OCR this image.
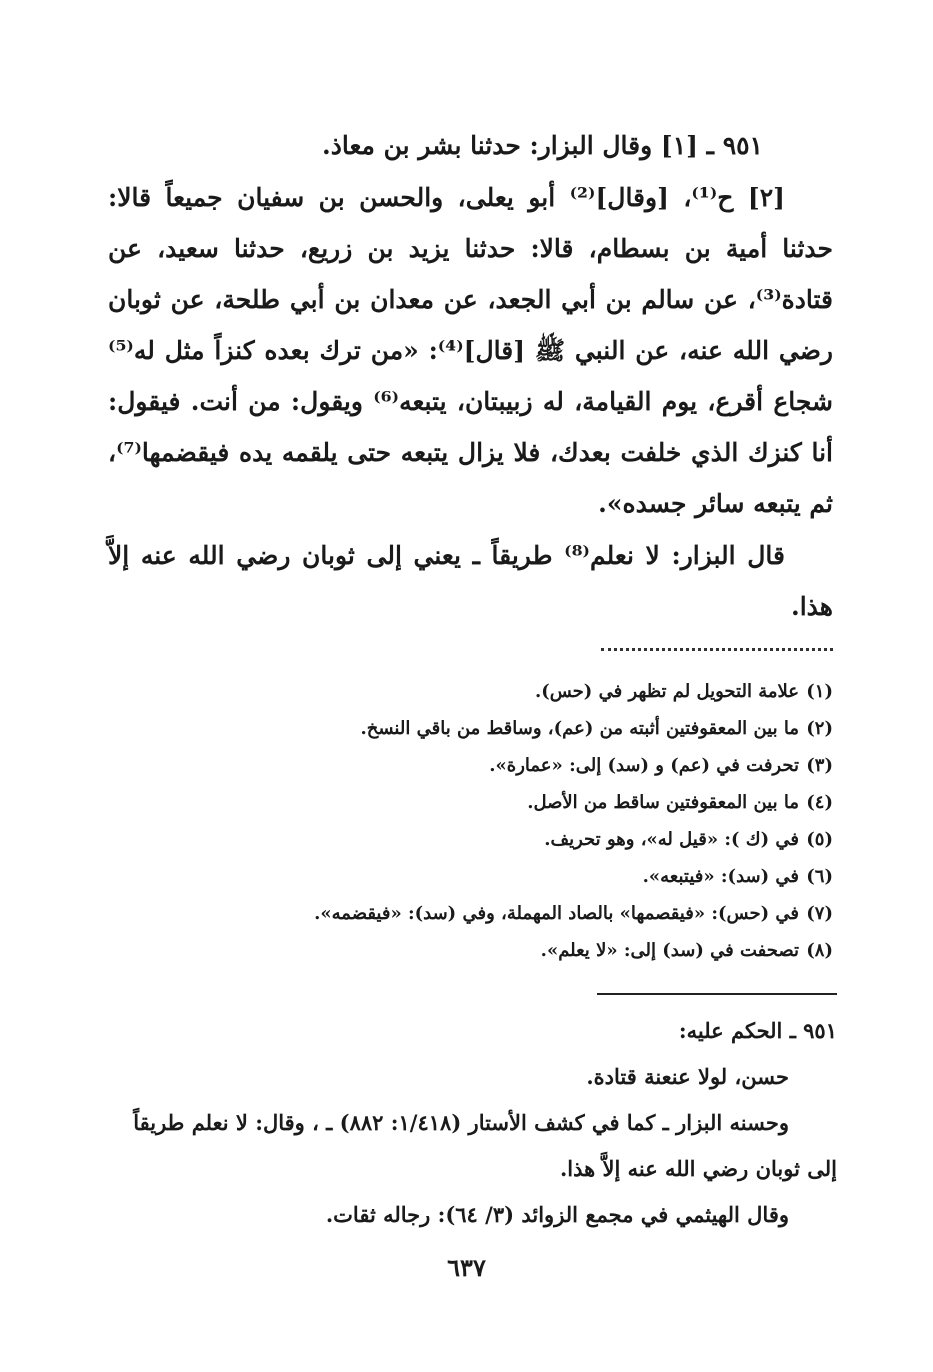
٩٥١ ـ [١] وقال البزار: حدثنا بشر بن معاذ.

[٢] ح⁽¹⁾، [وقال]⁽²⁾ أبو يعلى، والحسن بن سفيان جميعاً قالا: حدثنا أمية بن بسطام، قالا: حدثنا يزيد بن زريع، حدثنا سعيد، عن قتادة⁽³⁾، عن سالم بن أبي الجعد، عن معدان بن أبي طلحة، عن ثوبان رضي الله عنه، عن النبي ﷺ [قال]⁽⁴⁾: «من ترك بعده كنزاً مثل له⁽⁵⁾ شجاع أقرع، يوم القيامة، له زبيبتان، يتبعه⁽⁶⁾ ويقول: من أنت. فيقول: أنا كنزك الذي خلفت بعدك، فلا يزال يتبعه حتى يلقمه يده فيقضمها⁽⁷⁾، ثم يتبعه سائر جسده».

قال البزار: لا نعلم⁽⁸⁾ طريقاً ـ يعني إلى ثوبان رضي الله عنه إلاَّ هذا.

(١)علامة التحويل لم تظهر في (حس).
(٢)ما بين المعقوفتين أثبته من (عم)، وساقط من باقي النسخ.
(٣)تحرفت في (عم) و (سد) إلى: «عمارة».
(٤)ما بين المعقوفتين ساقط من الأصل.
(٥)في (ك ): «قيل له»، وهو تحريف.
(٦)في (سد): «فيتبعه».
(٧)في (حس): «فيقصمها» بالصاد المهملة، وفي (سد): «فيقضمه».
(٨)تصحفت في (سد) إلى: «لا يعلم».

٩٥١ ـ الحكم عليه:

حسن، لولا عنعنة قتادة.

وحسنه البزار ـ كما في كشف الأستار (١/٤١٨: ٨٨٢) ـ ، وقال: لا نعلم طريقاً إلى ثوبان رضي الله عنه إلاَّ هذا.

وقال الهيثمي في مجمع الزوائد (٣/ ٦٤): رجاله ثقات.

٦٣٧
